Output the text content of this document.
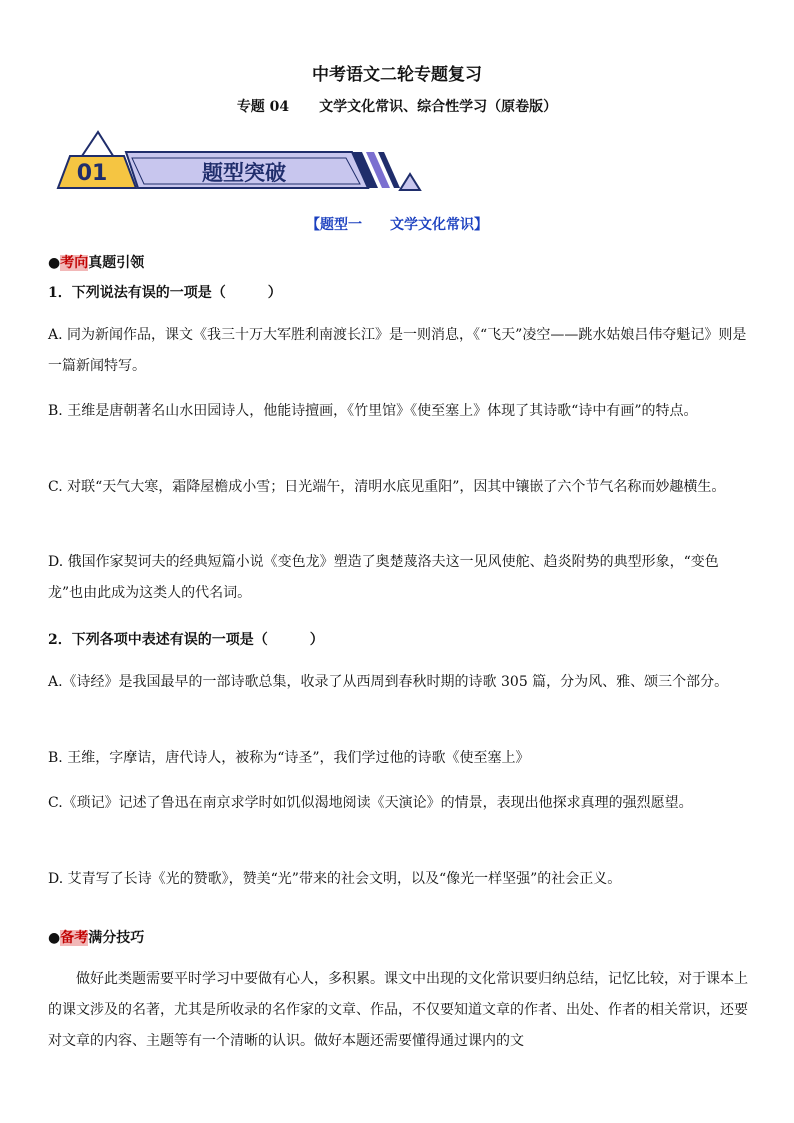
中考语文二轮专题复习
专题 04 文学文化常识、综合性学习（原卷版）
01	题型突破
【题型一 文学文化常识】
●考向真题引领
1．下列说法有误的一项是（　　　）
A. 同为新闻作品，课文《我三十万大军胜利南渡长江》是一则消息，《“飞天”凌空——跳水姑娘吕伟夺魁记》则是一篇新闻特写。
B. 王维是唐朝著名山水田园诗人，他能诗擅画，《竹里馆》《使至塞上》体现了其诗歌“诗中有画”的特点。
C. 对联“天气大寒，霜降屋檐成小雪；日光端午，清明水底见重阳”，因其中镶嵌了六个节气名称而妙趣横生。
D. 俄国作家契诃夫的经典短篇小说《变色龙》塑造了奥楚蔑洛夫这一见风使舵、趋炎附势的典型形象，“变色龙”也由此成为这类人的代名词。
2．下列各项中表述有误的一项是（　　　）
A.《诗经》是我国最早的一部诗歌总集，收录了从西周到春秋时期的诗歌 305 篇，分为风、雅、颂三个部分。
B. 王维，字摩诘，唐代诗人，被称为“诗圣”，我们学过他的诗歌《使至塞上》
C.《琐记》记述了鲁迅在南京求学时如饥似渴地阅读《天演论》的情景，表现出他探求真理的强烈愿望。
D. 艾青写了长诗《光的赞歌》，赞美“光”带来的社会文明，以及“像光一样坚强”的社会正义。
●备考满分技巧
做好此类题需要平时学习中要做有心人，多积累。课文中出现的文化常识要归纳总结，记忆比较，对于课本上的课文涉及的名著，尤其是所收录的名作家的文章、作品，不仅要知道文章的作者、出处、作者的相关常识，还要对文章的内容、主题等有一个清晰的认识。做好本题还需要懂得通过课内的文
